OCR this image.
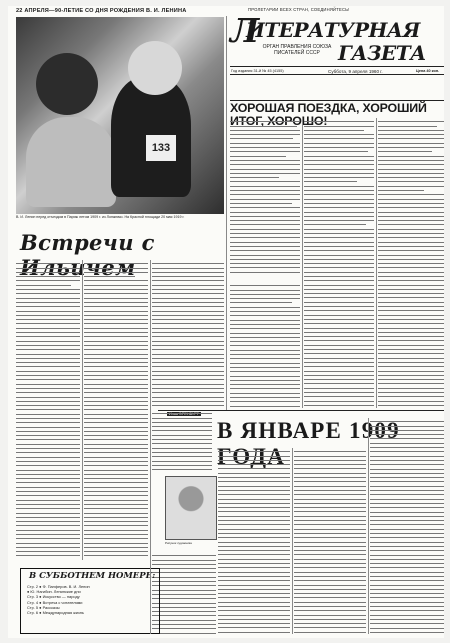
22 АПРЕЛЯ—90-ЛЕТИЕ СО ДНЯ РОЖДЕНИЯ В. И. ЛЕНИНА	ПРОЛЕТАРИИ ВСЕХ СТРАН, СОЕДИНЯЙТЕСЬ!
133
В. И. Ленин перед отъездом в Париж летом 1909 г. из Лонжюмо. На Красной площади 20 мая 1919 г.
Л
ИТЕРАТУРНАЯ
ОРГАН ПРАВЛЕНИЯ СОЮЗА ПИСАТЕЛЕЙ СССР ГАЗЕТА
Год издания 31-й № 45 (4155)	Суббота, 9 апреля 1960 г.	Цена 40 коп.
ХОРОШАЯ ПОЕЗДКА, ХОРОШИЙ ИТОГ, ХОРОШО!
Встречи с Ильичем
Илья ЭРЕНБУРГ
В ЯНВАРЕ 1909 ГОДА
Рисунок художника
В СУББОТНЕМ НОМЕРЕ:
Стр. 2 ● Ф. Панферов. В. И. Ленин
● Ю. Нагибин. Ленинские дни
Стр. 3 ● Искусство — народу
Стр. 4 ● Встреча с читателями
Стр. 5 ● Рассказы
Стр. 6 ● Международная жизнь
